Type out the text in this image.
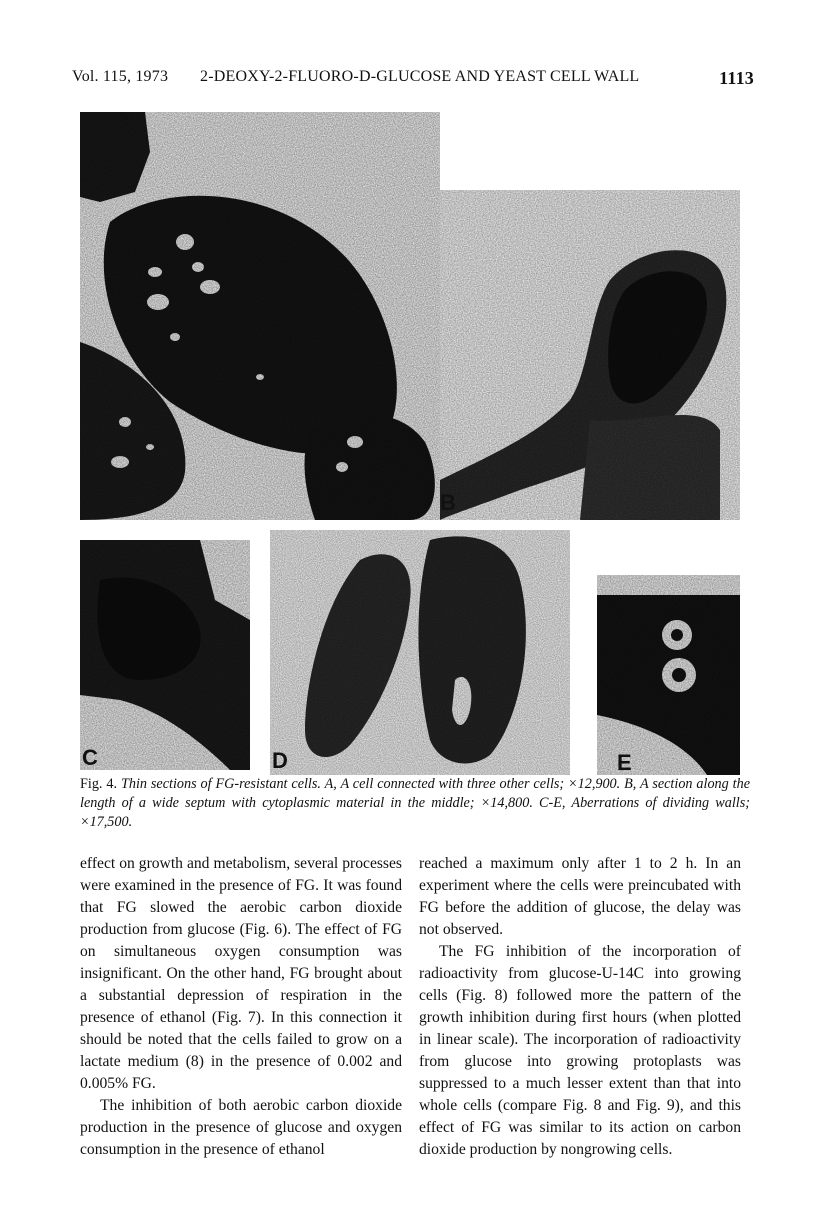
Vol. 115, 1973 2-DEOXY-2-FLUORO-D-GLUCOSE AND YEAST CELL WALL	1113
B
C	D	E
Fig. 4. Thin sections of FG-resistant cells. A, A cell connected with three other cells; ×12,900. B, A section along the length of a wide septum with cytoplasmic material in the middle; ×14,800. C-E, Aberrations of dividing walls; ×17,500.

effect on growth and metabolism, several processes were examined in the presence of FG. It was found that FG slowed the aerobic carbon dioxide production from glucose (Fig. 6). The effect of FG on simultaneous oxygen consumption was insignificant. On the other hand, FG brought about a substantial depression of respiration in the presence of ethanol (Fig. 7). In this connection it should be noted that the cells failed to grow on a lactate medium (8) in the presence of 0.002 and 0.005% FG.

The inhibition of both aerobic carbon dioxide production in the presence of glucose and oxygen consumption in the presence of ethanol

reached a maximum only after 1 to 2 h. In an experiment where the cells were preincubated with FG before the addition of glucose, the delay was not observed.

The FG inhibition of the incorporation of radioactivity from glucose-U-14C into growing cells (Fig. 8) followed more the pattern of the growth inhibition during first hours (when plotted in linear scale). The incorporation of radioactivity from glucose into growing protoplasts was suppressed to a much lesser extent than that into whole cells (compare Fig. 8 and Fig. 9), and this effect of FG was similar to its action on carbon dioxide production by nongrowing cells.
